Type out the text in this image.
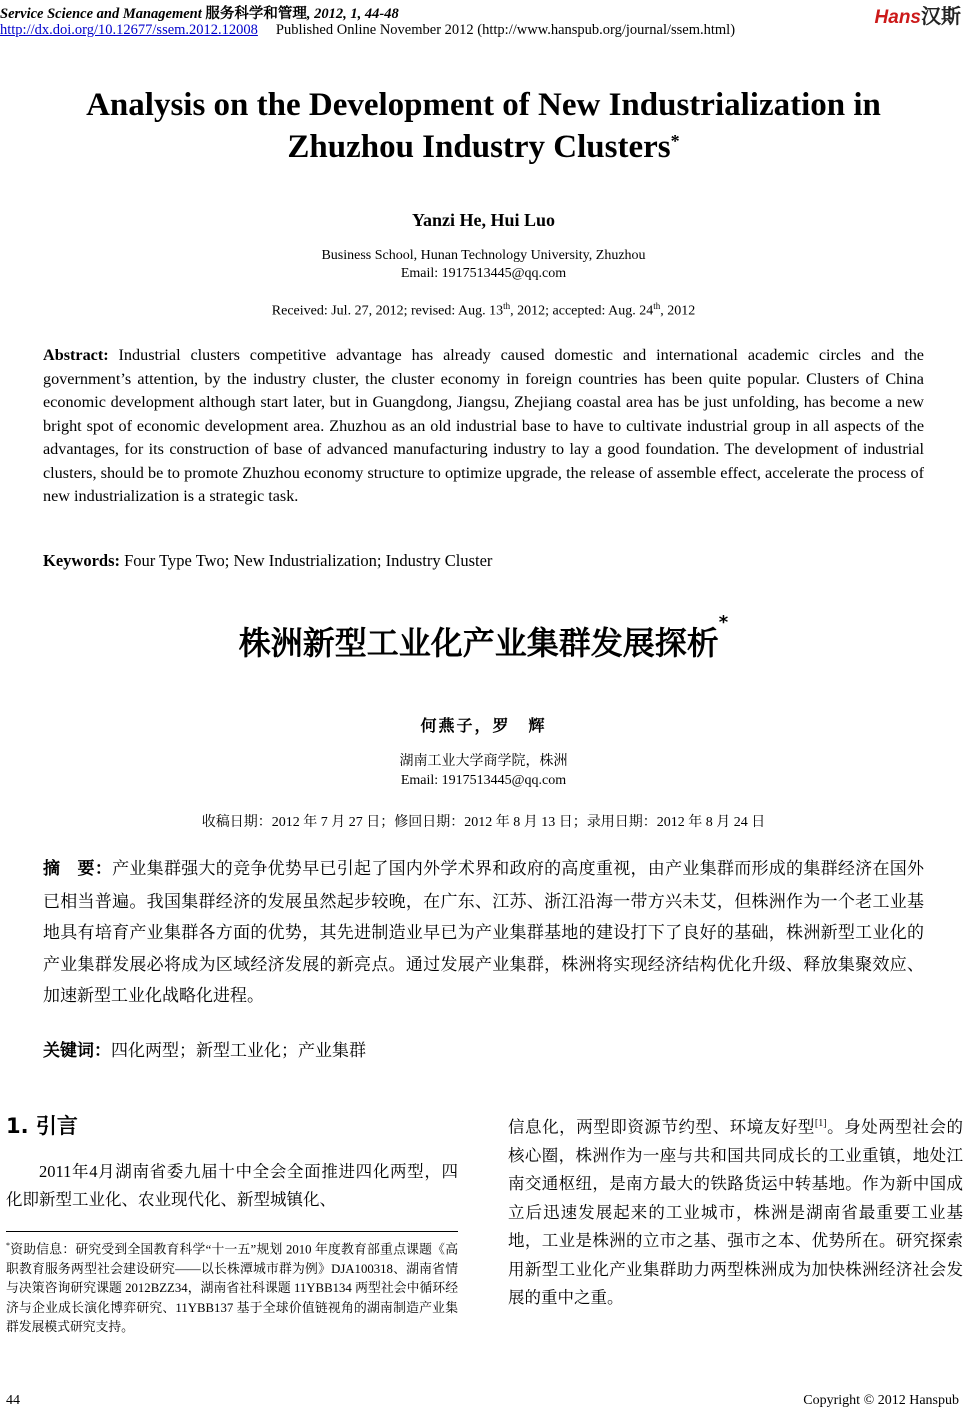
Service Science and Management 服务科学和管理, 2012, 1, 44-48	Hans汉斯
http://dx.doi.org/10.12677/ssem.2012.12008 Published Online November 2012 (http://www.hanspub.org/journal/ssem.html)
Analysis on the Development of New Industrialization in
Zhuzhou Industry Clusters*
Yanzi He, Hui Luo
Business School, Hunan Technology University, Zhuzhou
Email: 1917513445@qq.com
Received: Jul. 27, 2012; revised: Aug. 13th, 2012; accepted: Aug. 24th, 2012
Abstract: Industrial clusters competitive advantage has already caused domestic and international academic circles and the government’s attention, by the industry cluster, the cluster economy in foreign countries has been quite popular. Clusters of China economic development although start later, but in Guangdong, Jiangsu, Zhejiang coastal area has be just unfolding, has become a new bright spot of economic development area. Zhuzhou as an old industrial base to have to cultivate industrial group in all aspects of the advantages, for its construction of base of advanced manufacturing industry to lay a good foundation. The development of industrial clusters, should be to promote Zhuzhou economy structure to optimize upgrade, the release of assemble effect, accelerate the process of new industrialization is a strategic task.
Keywords: Four Type Two; New Industrialization; Industry Cluster
株洲新型工业化产业集群发展探析*
何燕子，罗　辉
湖南工业大学商学院，株洲
Email: 1917513445@qq.com
收稿日期：2012 年 7 月 27 日；修回日期：2012 年 8 月 13 日；录用日期：2012 年 8 月 24 日
摘　要：产业集群强大的竞争优势早已引起了国内外学术界和政府的高度重视，由产业集群而形成的集群经济在国外已相当普遍。我国集群经济的发展虽然起步较晚，在广东、江苏、浙江沿海一带方兴未艾，但株洲作为一个老工业基地具有培育产业集群各方面的优势，其先进制造业早已为产业集群基地的建设打下了良好的基础，株洲新型工业化的产业集群发展必将成为区域经济发展的新亮点。通过发展产业集群，株洲将实现经济结构优化升级、释放集聚效应、加速新型工业化战略化进程。
关键词：四化两型；新型工业化；产业集群
1. 引言
2011年4月湖南省委九届十中全会全面推进四化两型，四化即新型工业化、农业现代化、新型城镇化、
*资助信息：研究受到全国教育科学“十一五”规划 2010 年度教育部重点课题《高职教育服务两型社会建设研究——以长株潭城市群为例》DJA100318、湖南省情与决策咨询研究课题 2012BZZ34，湖南省社科课题 11YBB134 两型社会中循环经济与企业成长演化博弈研究、11YBB137 基于全球价值链视角的湖南制造产业集群发展模式研究支持。
信息化，两型即资源节约型、环境友好型[1]。身处两型社会的核心圈，株洲作为一座与共和国共同成长的工业重镇，地处江南交通枢纽，是南方最大的铁路货运中转基地。作为新中国成立后迅速发展起来的工业城市，株洲是湖南省最重要工业基地，工业是株洲的立市之基、强市之本、优势所在。研究探索用新型工业化产业集群助力两型株洲成为加快株洲经济社会发展的重中之重。
44	Copyright © 2012 Hanspub
